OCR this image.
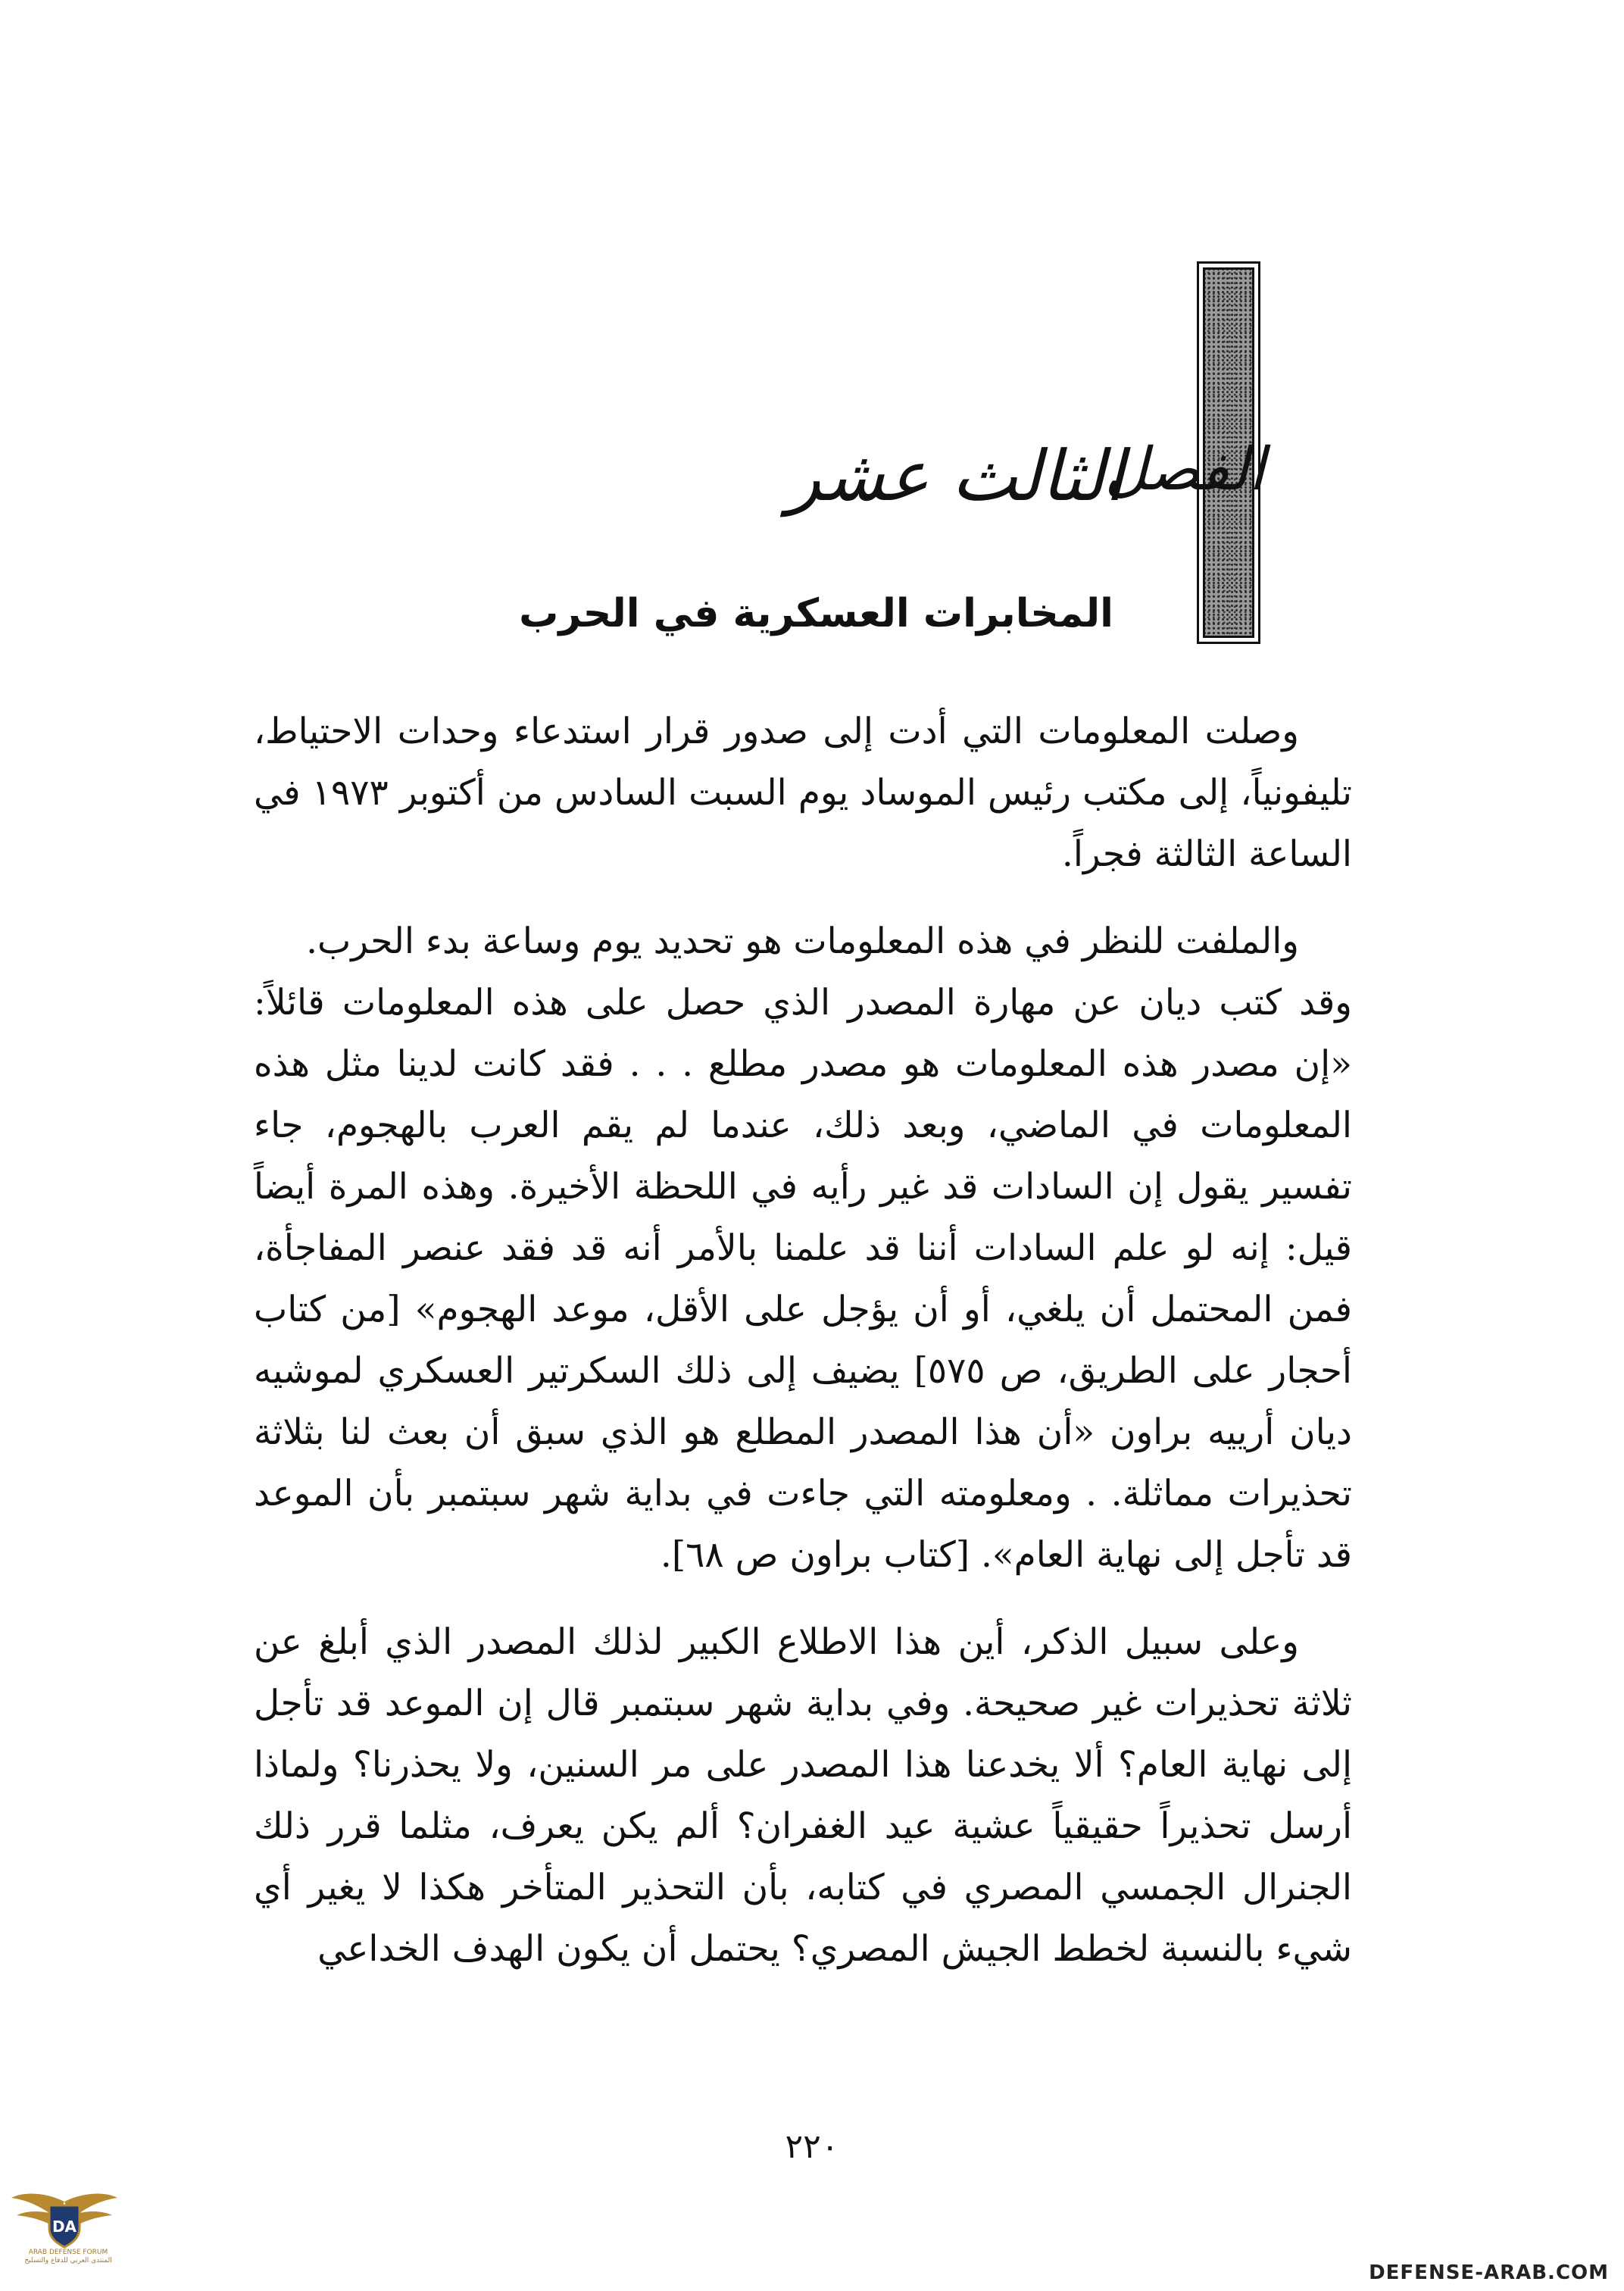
الفصل
الثالث عشر
المخابرات العسكرية في الحرب

وصلت المعلومات التي أدت إلى صدور قرار استدعاء وحدات الاحتياط، تليفونياً، إلى مكتب رئيس الموساد يوم السبت السادس من أكتوبر ١٩٧٣ في الساعة الثالثة فجراً.

والملفت للنظر في هذه المعلومات هو تحديد يوم وساعة بدء الحرب.

وقد كتب ديان عن مهارة المصدر الذي حصل على هذه المعلومات قائلاً: «إن مصدر هذه المعلومات هو مصدر مطلع . . . فقد كانت لدينا مثل هذه المعلومات في الماضي، وبعد ذلك، عندما لم يقم العرب بالهجوم، جاء تفسير يقول إن السادات قد غير رأيه في اللحظة الأخيرة. وهذه المرة أيضاً قيل: إنه لو علم السادات أننا قد علمنا بالأمر أنه قد فقد عنصر المفاجأة، فمن المحتمل أن يلغي، أو أن يؤجل على الأقل، موعد الهجوم» [من كتاب أحجار على الطريق، ص ٥٧٥] يضيف إلى ذلك السكرتير العسكري لموشيه ديان أرييه براون «أن هذا المصدر المطلع هو الذي سبق أن بعث لنا بثلاثة تحذيرات مماثلة. . ومعلومته التي جاءت في بداية شهر سبتمبر بأن الموعد قد تأجل إلى نهاية العام». [كتاب براون ص ٦٨].

وعلى سبيل الذكر، أين هذا الاطلاع الكبير لذلك المصدر الذي أبلغ عن ثلاثة تحذيرات غير صحيحة. وفي بداية شهر سبتمبر قال إن الموعد قد تأجل إلى نهاية العام؟ ألا يخدعنا هذا المصدر على مر السنين، ولا يحذرنا؟ ولماذا أرسل تحذيراً حقيقياً عشية عيد الغفران؟ ألم يكن يعرف، مثلما قرر ذلك الجنرال الجمسي المصري في كتابه، بأن التحذير المتأخر هكذا لا يغير أي شيء بالنسبة لخطط الجيش المصري؟ يحتمل أن يكون الهدف الخداعي

٢٢٠
DA
ARAB DEFENSE FORUM
المنتدى العربي للدفاع والتسليح
DEFENSE-ARAB.COM
